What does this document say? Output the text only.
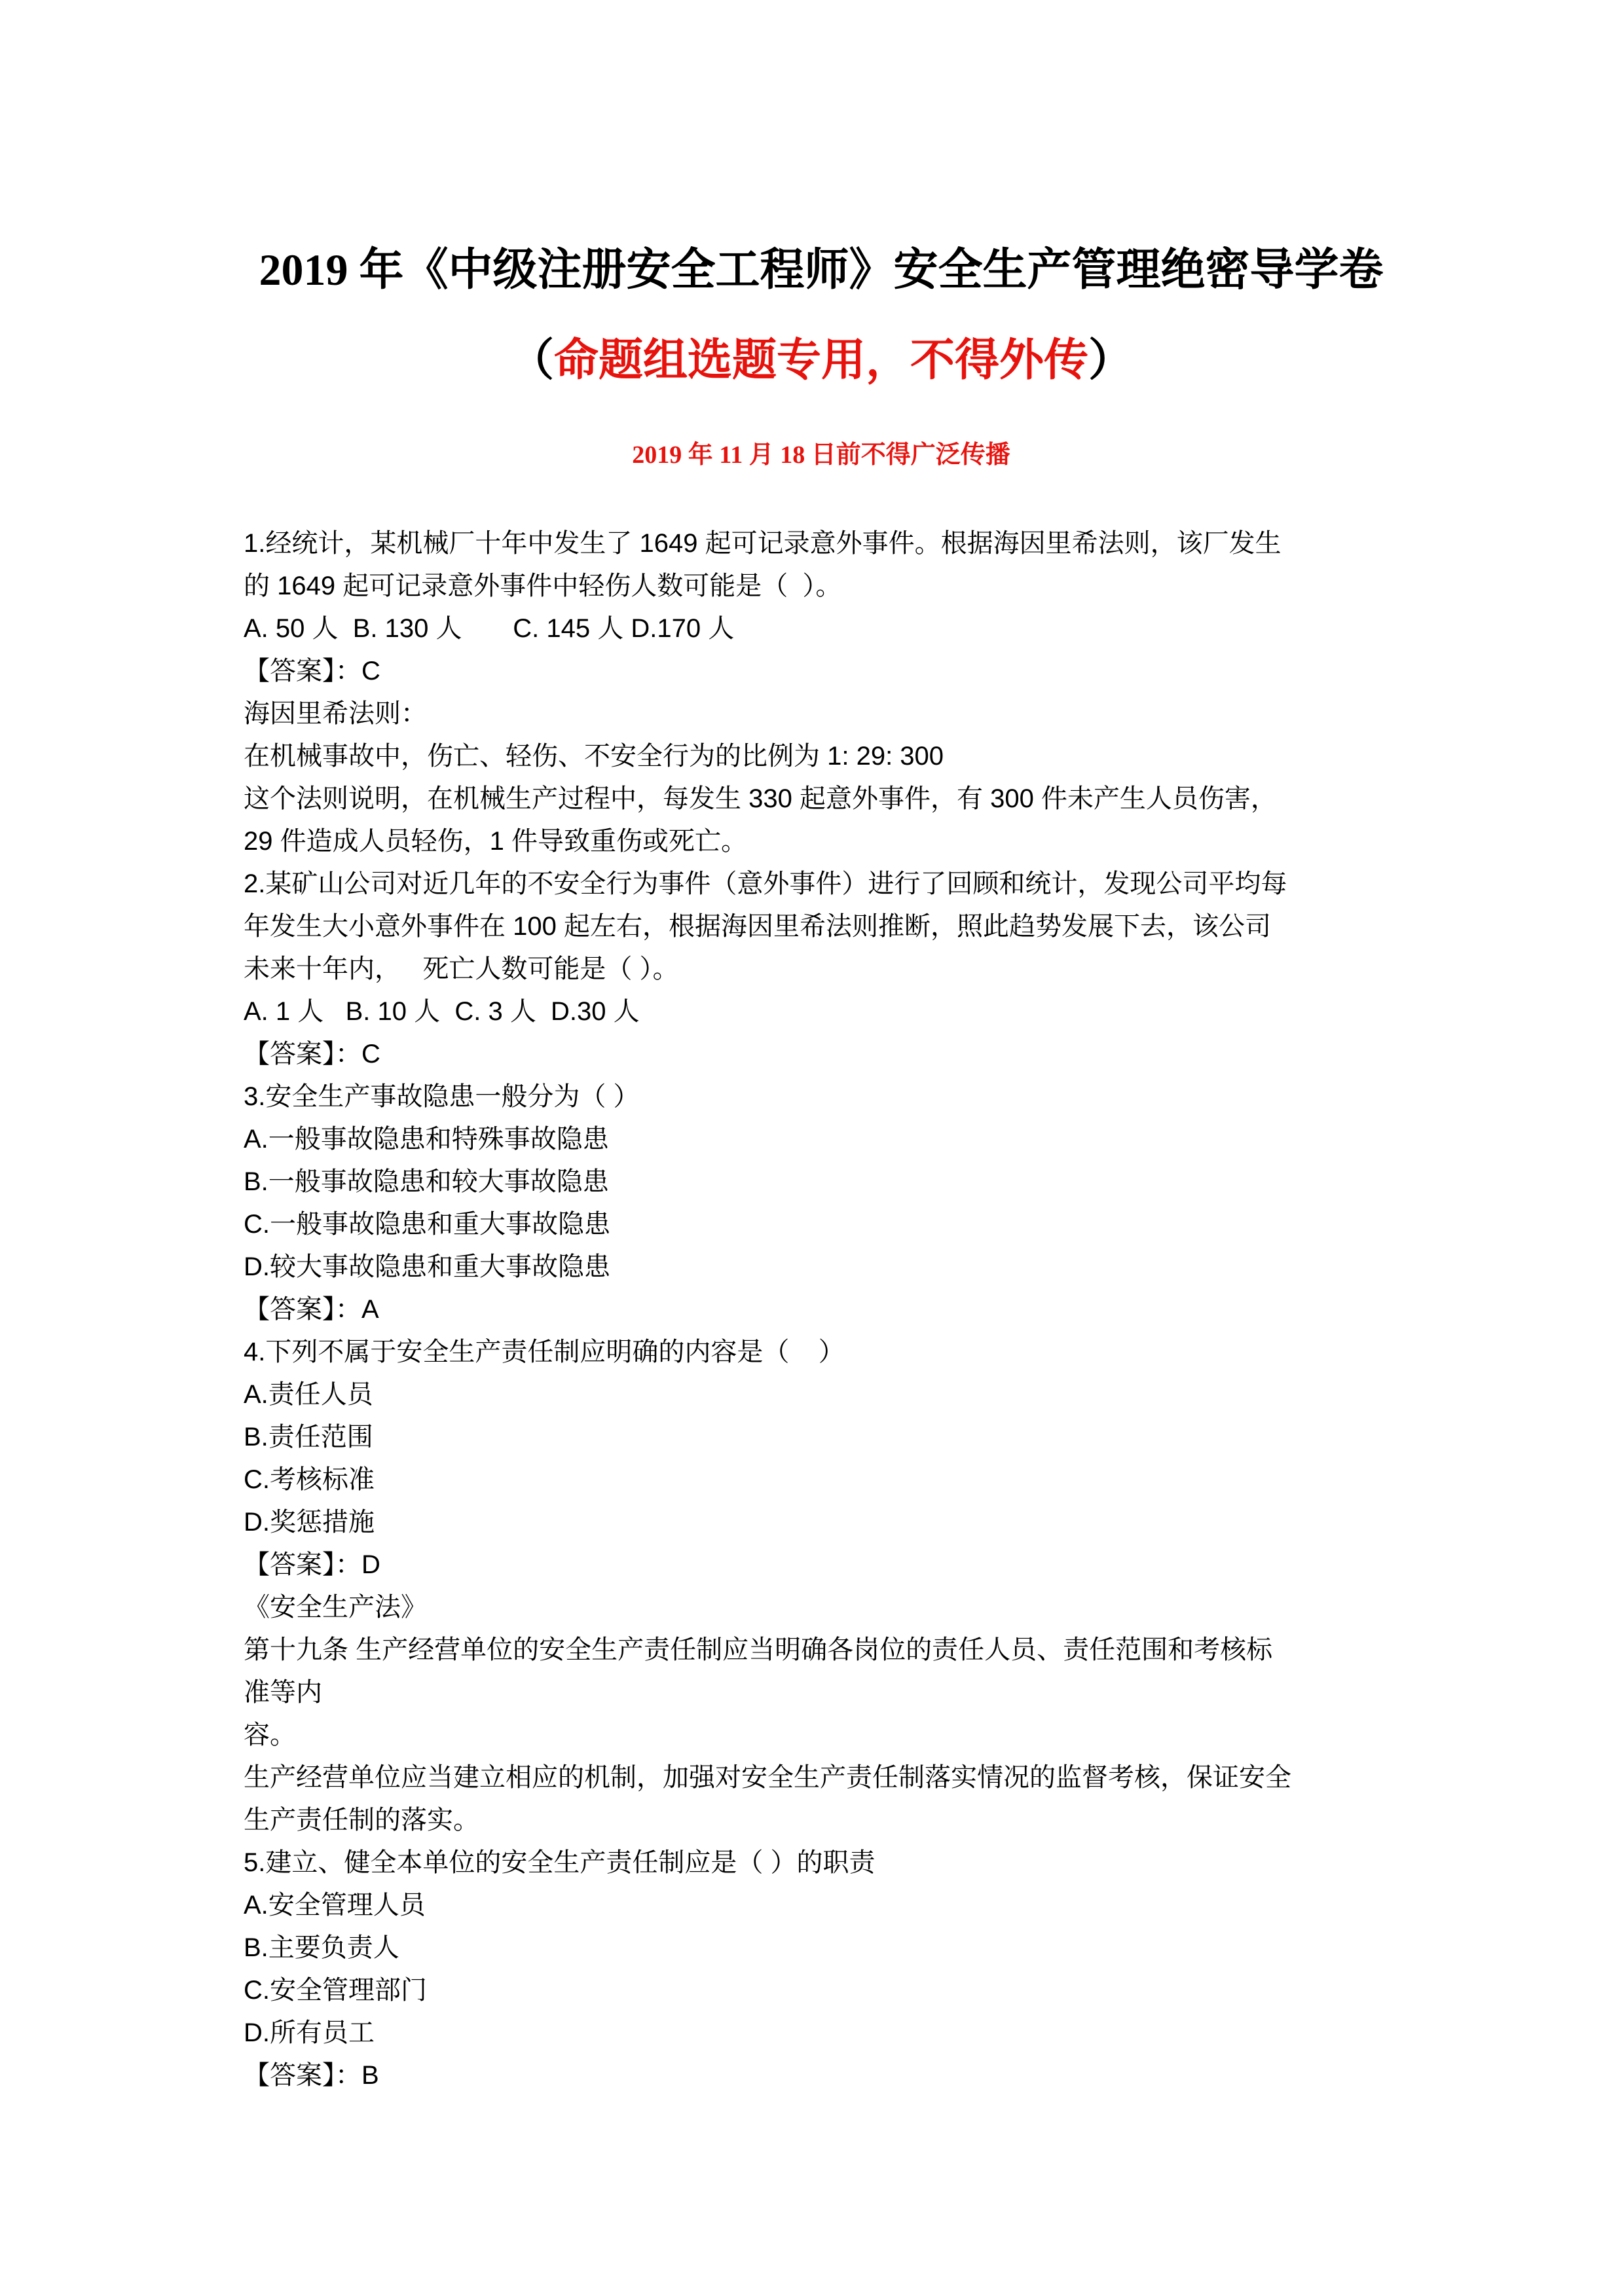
2019 年《中级注册安全工程师》安全生产管理绝密导学卷
（命题组选题专用，不得外传）
2019 年 11 月 18 日前不得广泛传播
1.经统计，某机械厂十年中发生了 1649 起可记录意外事件。根据海因里希法则，该厂发生
的 1649 起可记录意外事件中轻伤人数可能是（  ）。
A. 50 人  B. 130 人       C. 145 人 D.170 人
【答案】：C
海因里希法则：
在机械事故中，伤亡、轻伤、不安全行为的比例为 1: 29: 300
这个法则说明，在机械生产过程中，每发生 330 起意外事件，有 300 件未产生人员伤害，
29 件造成人员轻伤，1 件导致重伤或死亡。
2.某矿山公司对近几年的不安全行为事件（意外事件）进行了回顾和统计，发现公司平均每
年发生大小意外事件在 100 起左右，根据海因里希法则推断，照此趋势发展下去，该公司
未来十年内，   死亡人数可能是（ ）。
A. 1 人   B. 10 人  C. 3 人  D.30 人
【答案】：C
3.安全生产事故隐患一般分为（ ）
A.一般事故隐患和特殊事故隐患
B.一般事故隐患和较大事故隐患
C.一般事故隐患和重大事故隐患
D.较大事故隐患和重大事故隐患
【答案】：A
4.下列不属于安全生产责任制应明确的内容是（    ）
A.责任人员
B.责任范围
C.考核标准
D.奖惩措施
【答案】：D
《安全生产法》
第十九条 生产经营单位的安全生产责任制应当明确各岗位的责任人员、责任范围和考核标
准等内
容。
生产经营单位应当建立相应的机制，加强对安全生产责任制落实情况的监督考核，保证安全
生产责任制的落实。
5.建立、健全本单位的安全生产责任制应是（ ）的职责
A.安全管理人员
B.主要负责人
C.安全管理部门
D.所有员工
【答案】：B
